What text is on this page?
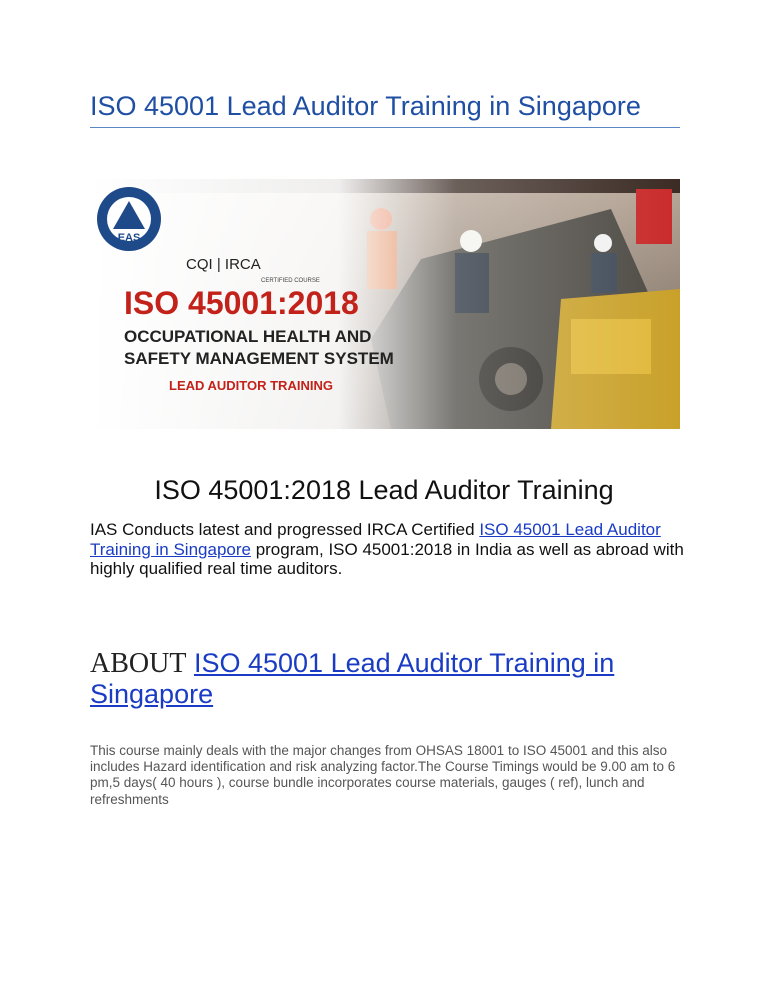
ISO 45001 Lead Auditor Training in Singapore
EAS
CQI | IRCA
CERTIFIED COURSE
ISO 45001:2018
OCCUPATIONAL HEALTH AND
SAFETY MANAGEMENT SYSTEM
LEAD AUDITOR TRAINING
ISO 45001:2018 Lead Auditor Training
IAS Conducts latest and progressed IRCA Certified ISO 45001 Lead Auditor Training in Singapore program, ISO 45001:2018 in India as well as abroad with highly qualified real time auditors.
ABOUT ISO 45001 Lead Auditor Training in Singapore
This course mainly deals with the major changes from OHSAS 18001 to ISO 45001 and this also includes Hazard identification and risk analyzing factor.The Course Timings would be 9.00 am to 6 pm,5 days( 40 hours ), course bundle incorporates course materials, gauges ( ref), lunch and refreshments
